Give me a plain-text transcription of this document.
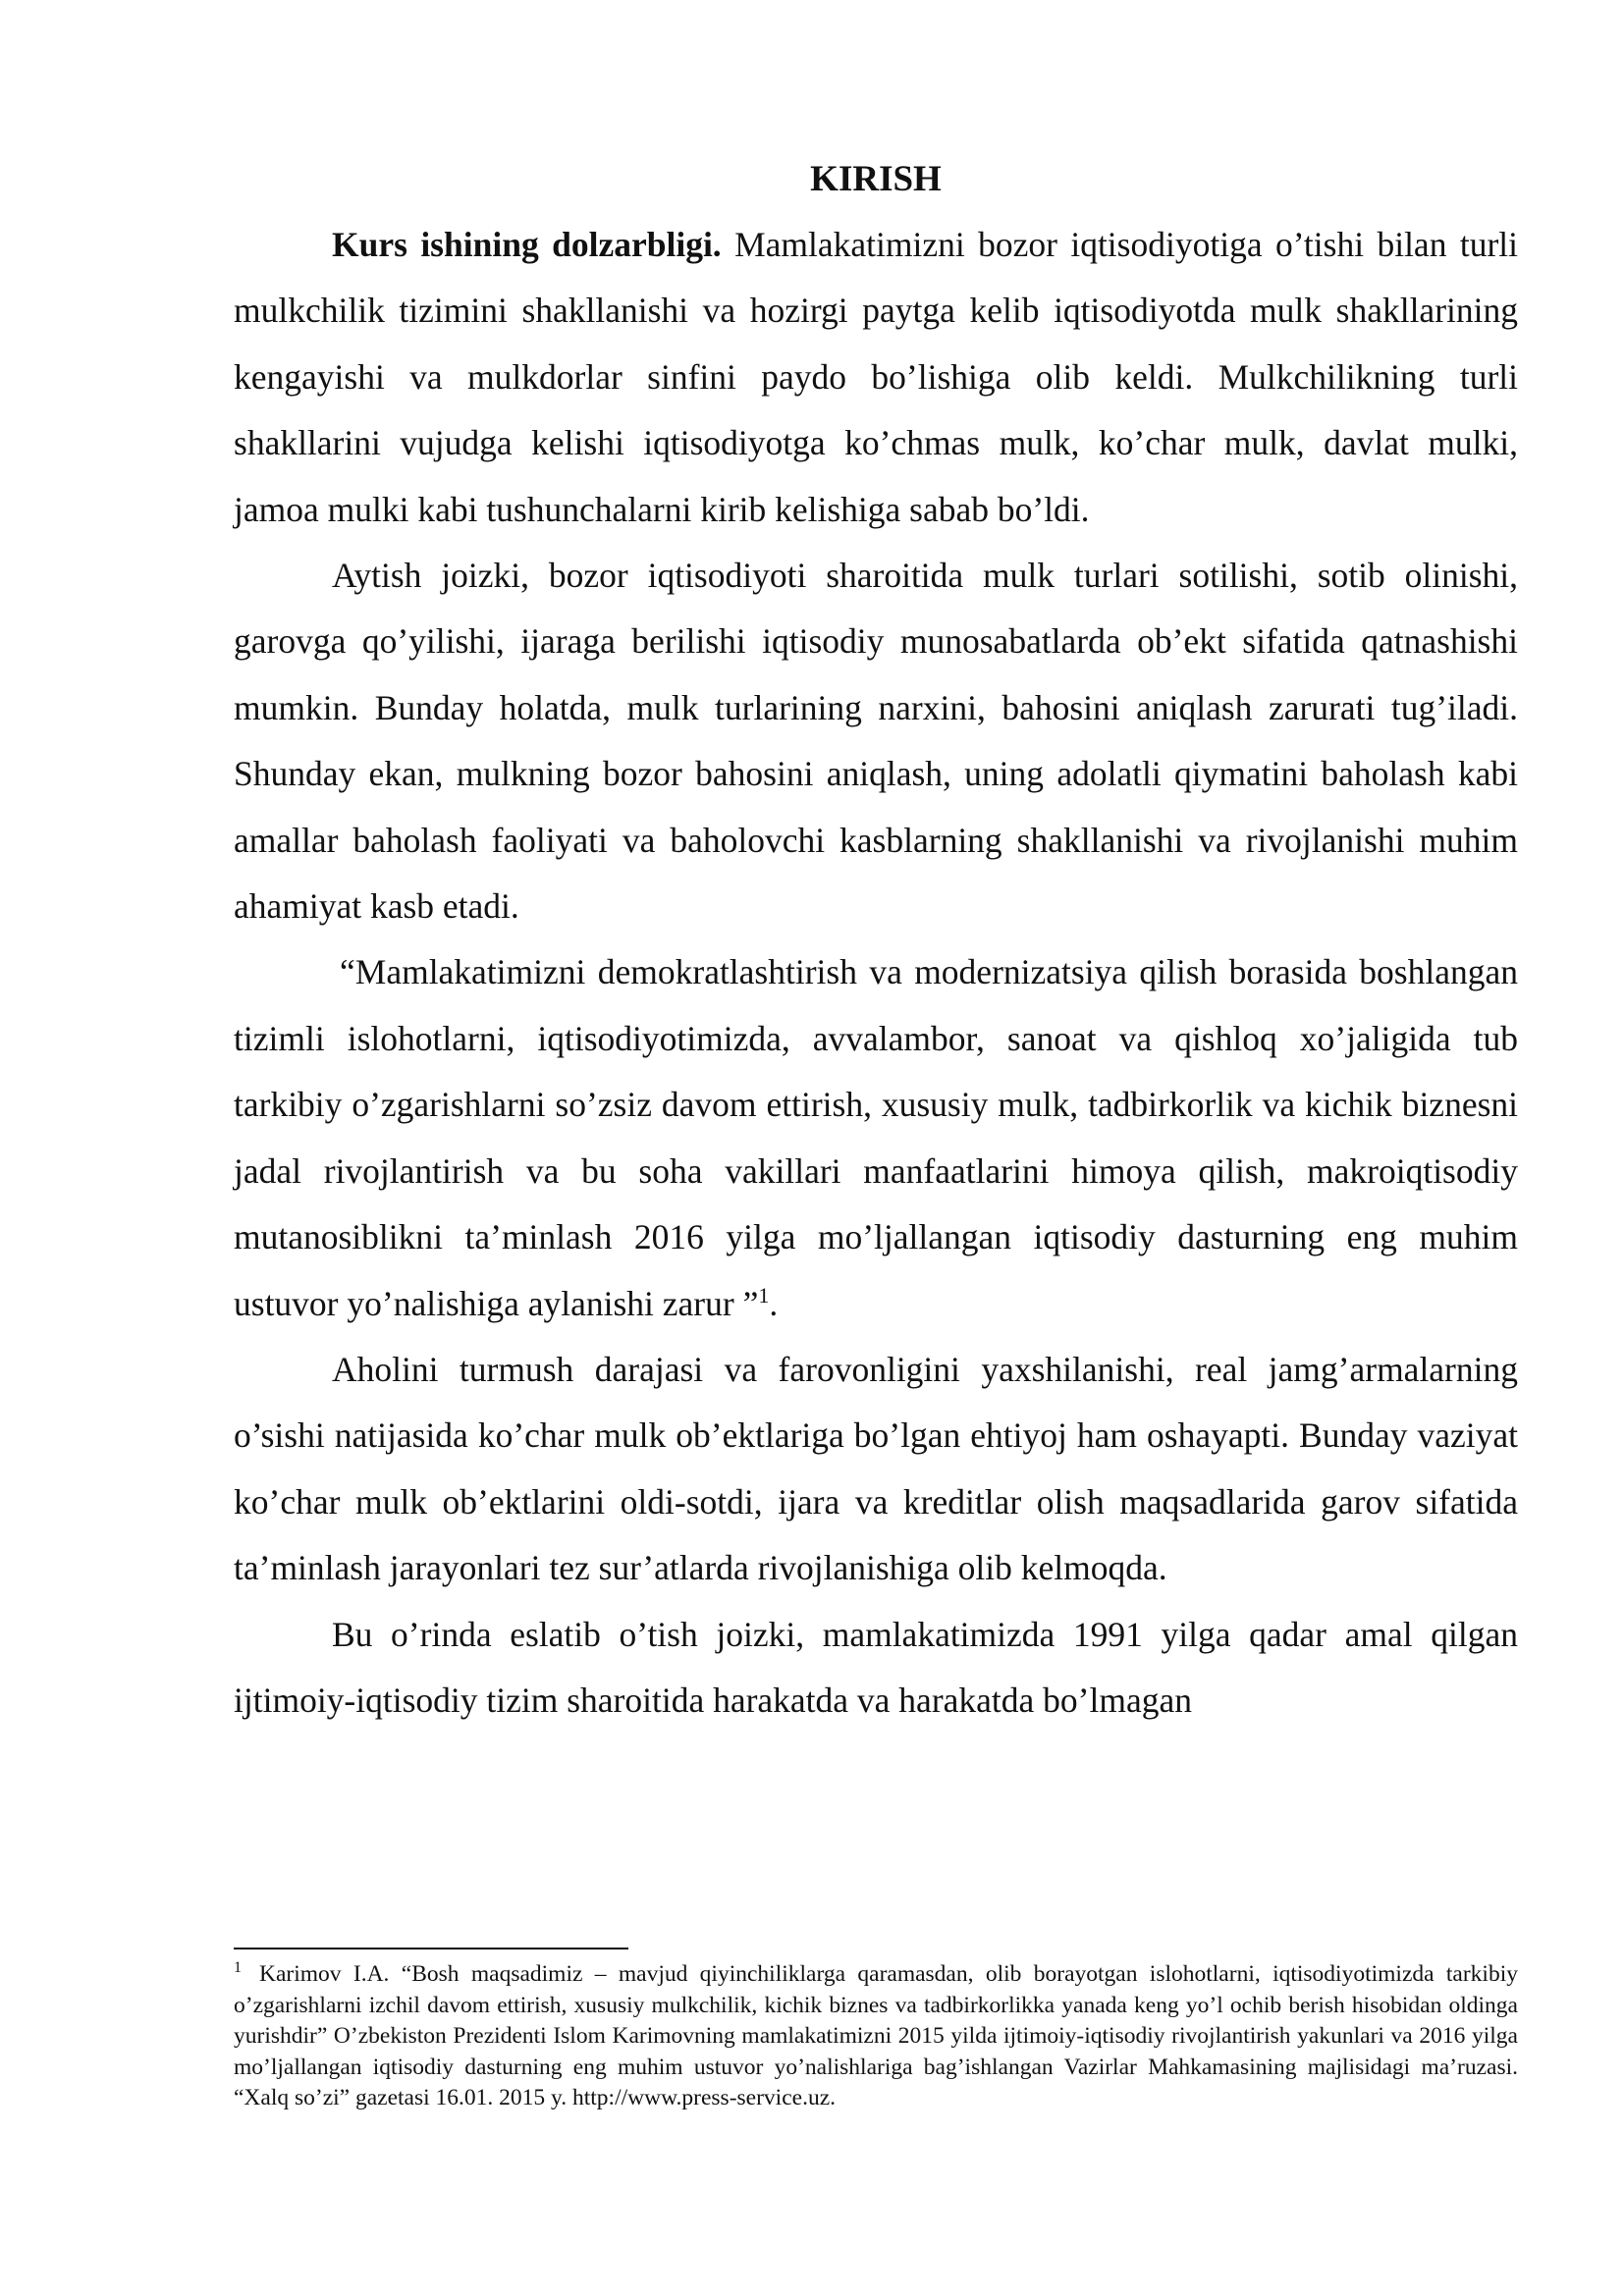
KIRISH

Kurs ishining dolzarbligi. Mamlakatimizni bozor iqtisodiyotiga o’tishi bilan turli mulkchilik tizimini shakllanishi va hozirgi paytga kelib iqtisodiyotda mulk shakllarining kengayishi va mulkdorlar sinfini paydo bo’lishiga olib keldi. Mulkchilikning turli shakllarini vujudga kelishi iqtisodiyotga ko’chmas mulk, ko’char mulk, davlat mulki, jamoa mulki kabi tushunchalarni kirib kelishiga sabab bo’ldi.

Aytish joizki, bozor iqtisodiyoti sharoitida mulk turlari sotilishi, sotib olinishi, garovga qo’yilishi, ijaraga berilishi iqtisodiy munosabatlarda ob’ekt sifatida qatnashishi mumkin. Bunday holatda, mulk turlarining narxini, bahosini aniqlash zarurati tug’iladi. Shunday ekan, mulkning bozor bahosini aniqlash, uning adolatli qiymatini baholash kabi amallar baholash faoliyati va baholovchi kasblarning shakllanishi va rivojlanishi muhim ahamiyat kasb etadi.

“Mamlakatimizni demokratlashtirish va modernizatsiya qilish borasida boshlangan tizimli islohotlarni, iqtisodiyotimizda, avvalambor, sanoat va qishloq xo’jaligida tub tarkibiy o’zgarishlarni so’zsiz davom ettirish, xususiy mulk, tadbirkorlik va kichik biznesni jadal rivojlantirish va bu soha vakillari manfaatlarini himoya qilish, makroiqtisodiy mutanosiblikni ta’minlash 2016 yilga mo’ljallangan iqtisodiy dasturning eng muhim ustuvor yo’nalishiga aylanishi zarur ”$^1$.

Aholini turmush darajasi va farovonligini yaxshilanishi, real jamg’armalarning o’sishi natijasida ko’char mulk ob’ektlariga bo’lgan ehtiyoj ham oshayapti. Bunday vaziyat ko’char mulk ob’ektlarini oldi-sotdi, ijara va kreditlar olish maqsadlarida garov sifatida ta’minlash jarayonlari tez sur’atlarda rivojlanishiga olib kelmoqda.

Bu o’rinda eslatib o’tish joizki, mamlakatimizda 1991 yilga qadar amal qilgan ijtimoiy-iqtisodiy tizim sharoitida harakatda va harakatda bo’lmagan

$^1$ Karimov I.A. “Bosh maqsadimiz – mavjud qiyinchiliklarga qaramasdan, olib borayotgan islohotlarni, iqtisodiyotimizda tarkibiy o’zgarishlarni izchil davom ettirish, xususiy mulkchilik, kichik biznes va tadbirkorlikka yanada keng yo’l ochib berish hisobidan oldinga yurishdir” O’zbekiston Prezidenti Islom Karimovning mamlakatimizni 2015 yilda ijtimoiy-iqtisodiy rivojlantirish yakunlari va 2016 yilga mo’ljallangan iqtisodiy dasturning eng muhim ustuvor yo’nalishlariga bag’ishlangan Vazirlar Mahkamasining majlisidagi ma’ruzasi. “Xalq so’zi” gazetasi 16.01. 2015 y. http://www.press-service.uz.
